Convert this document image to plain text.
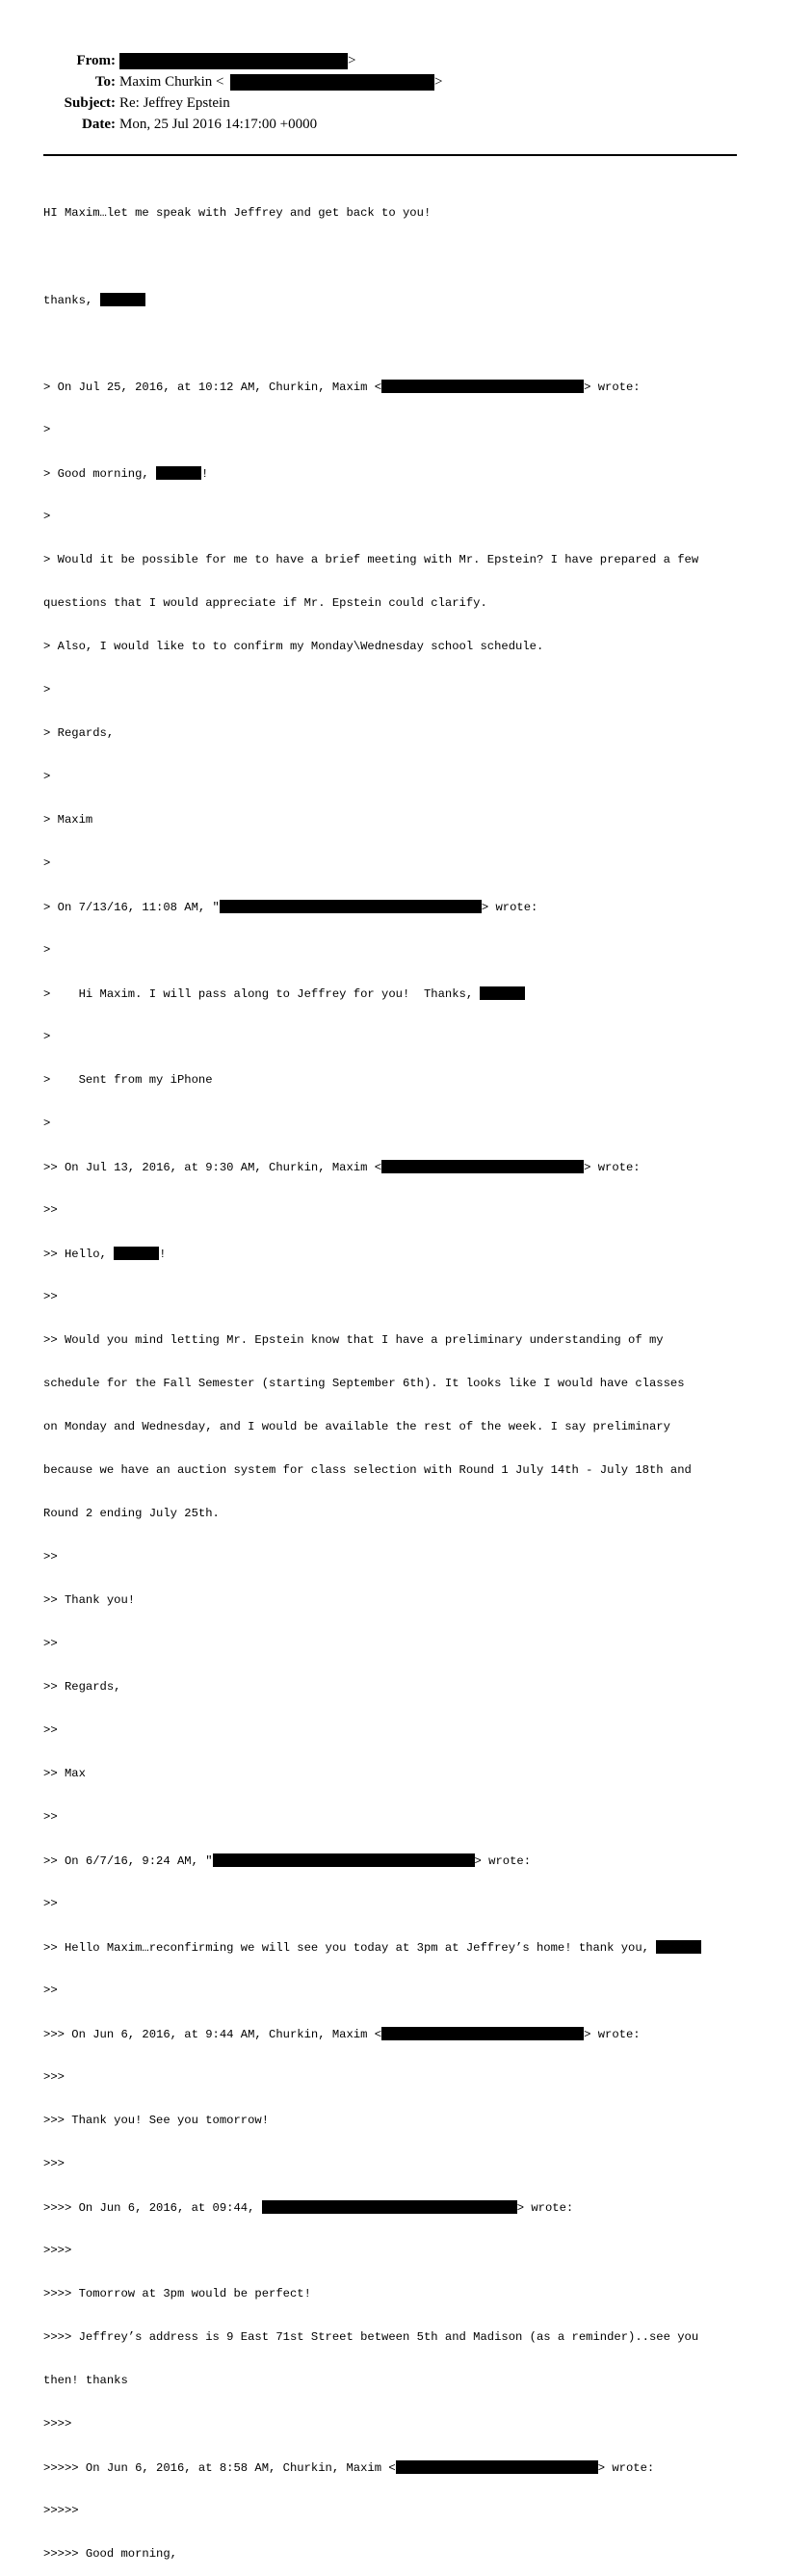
From:	>
To: Maxim Churkin <	>
Subject: Re: Jeffrey Epstein
Date: Mon, 25 Jul 2016 14:17:00 +0000

HI Maxim…let me speak with Jeffrey and get back to you!

thanks,

> On Jul 25, 2016, at 10:12 AM, Churkin, Maxim <	> wrote:

>

> Good morning,	!

>

> Would it be possible for me to have a brief meeting with Mr. Epstein? I have prepared a few

questions that I would appreciate if Mr. Epstein could clarify.

> Also, I would like to to confirm my Monday\Wednesday school schedule.

>

> Regards,

>

> Maxim

>

> On 7/13/16, 11:08 AM, "	> wrote:

>

>    Hi Maxim. I will pass along to Jeffrey for you!  Thanks,

>

>    Sent from my iPhone

>

>> On Jul 13, 2016, at 9:30 AM, Churkin, Maxim <	> wrote:

>>

>> Hello,	!

>>

>> Would you mind letting Mr. Epstein know that I have a preliminary understanding of my

schedule for the Fall Semester (starting September 6th). It looks like I would have classes

on Monday and Wednesday, and I would be available the rest of the week. I say preliminary

because we have an auction system for class selection with Round 1 July 14th - July 18th and

Round 2 ending July 25th.

>>

>> Thank you!

>>

>> Regards,

>>

>> Max

>>

>> On 6/7/16, 9:24 AM, "	> wrote:

>>

>> Hello Maxim…reconfirming we will see you today at 3pm at Jeffrey’s home! thank you,

>>

>>> On Jun 6, 2016, at 9:44 AM, Churkin, Maxim <	> wrote:

>>>

>>> Thank you! See you tomorrow!

>>>

>>>> On Jun 6, 2016, at 09:44,	> wrote:

>>>>

>>>> Tomorrow at 3pm would be perfect!

>>>> Jeffrey’s address is 9 East 71st Street between 5th and Madison (as a reminder)..see you

then! thanks

>>>>

>>>>> On Jun 6, 2016, at 8:58 AM, Churkin, Maxim <	> wrote:

>>>>>

>>>>> Good morning,
